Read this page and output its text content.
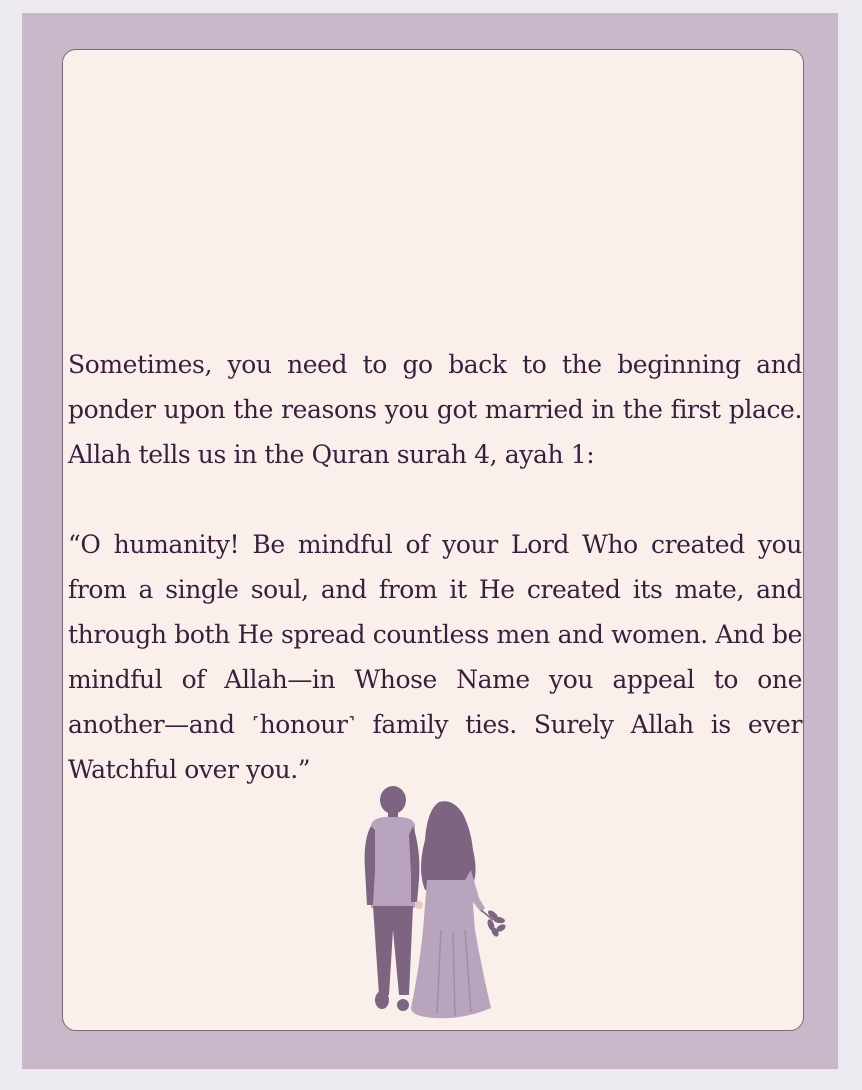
Sometimes, you need to go back to the beginning and ponder upon the reasons you got married in the first place. Allah tells us in the Quran surah 4, ayah 1:

“O humanity! Be mindful of your Lord Who created you from a single soul, and from it He created its mate, and through both He spread countless men and women. And be mindful of Allah—in Whose Name you appeal to one another—and ˹honour˺ family ties. Surely Allah is ever Watchful over you.”
